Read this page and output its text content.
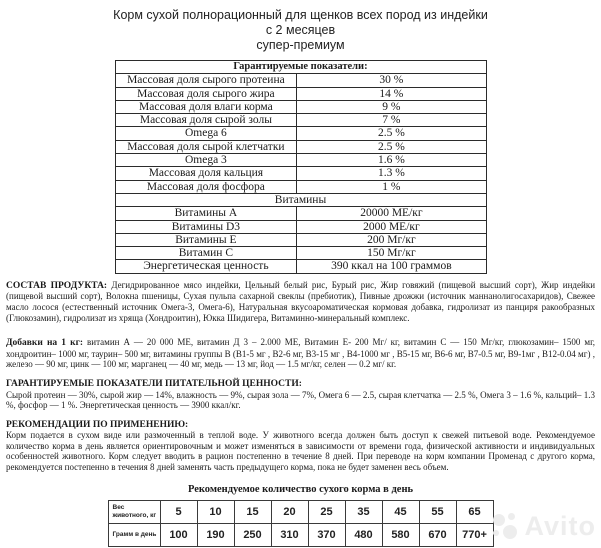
Корм сухой полнорационный для щенков всех пород из индейки
с 2 месяцев
супер-премиум
Гарантируемые показатели:	
Массовая доля сырого протеина	30 %
Массовая доля сырого жира	14 %
Массовая доля влаги корма	9 %
Массовая доля сырой золы	7 %
Omega 6	2.5 %
Массовая доля сырой клетчатки	2.5 %
Omega 3	1.6 %
Массовая доля кальция	1.3 %
Массовая доля фосфора	1 %
Витамины	
Витамины А	20000 МЕ/кг
Витамины D3	2000 МЕ/кг
Витамины Е	200 Мг/кг
Витамин С	150 Мг/кг
Энергетическая ценность	390 ккал на 100 граммов

СОСТАВ ПРОДУКТА: Дегидрированное мясо индейки, Цельный белый рис, Бурый рис, Жир говяжий (пищевой высший сорт), Жир индейки (пищевой высший сорт), Волокна пшеницы, Сухая пульпа сахарной свеклы (пребиотик), Пивные дрожжи (источник маннанолигосахаридов), Свежее масло лосося (естественный источник Омега-3, Омега-6), Натуральная вкусоароматическая кормовая добавка, гидролизат из панциря ракообразных (Глюкозамин), гидролизат из хряща (Хондроитин), Юкка Шидигера, Витаминно-минеральный комплекс.

Добавки на 1 кг: витамин А — 20 000 МЕ, витамин Д 3 – 2.000 МЕ, Витамин Е- 200 Мг/ кг, витамин С — 150 Мг/кг, глюкозамин– 1500 мг, хондроитин– 1000 мг, таурин– 500 мг, витамины группы В (В1-5 мг , В2-6 мг, В3-15 мг , В4-1000 мг , В5-15 мг, В6-6 мг, В7-0.5 мг, В9-1мг , В12-0.04 мг) , железо — 90 мг, цинк — 100 мг, марганец — 40 мг, медь — 13 мг, йод — 1.5 мг/кг, селен — 0.2 мг/ кг.

ГАРАНТИРУЕМЫЕ ПОКАЗАТЕЛИ ПИТАТЕЛЬНОЙ ЦЕННОСТИ:

Сырой протеин — 30%, сырой жир — 14%, влажность — 9%, сырая зола — 7%, Омега 6 — 2.5, сырая клетчатка — 2.5 %, Омега 3 – 1.6 %, кальций– 1.3 %, фосфор — 1 %. Энергетическая ценность — 3900 ккал/кг.

РЕКОМЕНДАЦИИ ПО ПРИМЕНЕНИЮ:

Корм подается в сухом виде или размоченный в теплой воде. У животного всегда должен быть доступ к свежей питьевой воде. Рекомендуемое количество корма в день является ориентировочным и может изменяться в зависимости от времени года, физической активности и индивидуальных особенностей животного. Корм следует вводить в рацион постепенно в течение 8 дней. При переводе на корм компании Променад с другого корма, рекомендуется постепенно в течения 8 дней заменять часть предыдущего корма, пока не будет заменен весь объем.

Рекомендуемое количество сухого корма в день
Вес животного, кг	5	10	15	20	25	35	45	55	65
Грамм в день	100	190	250	310	370	480	580	670	770+ Avito
